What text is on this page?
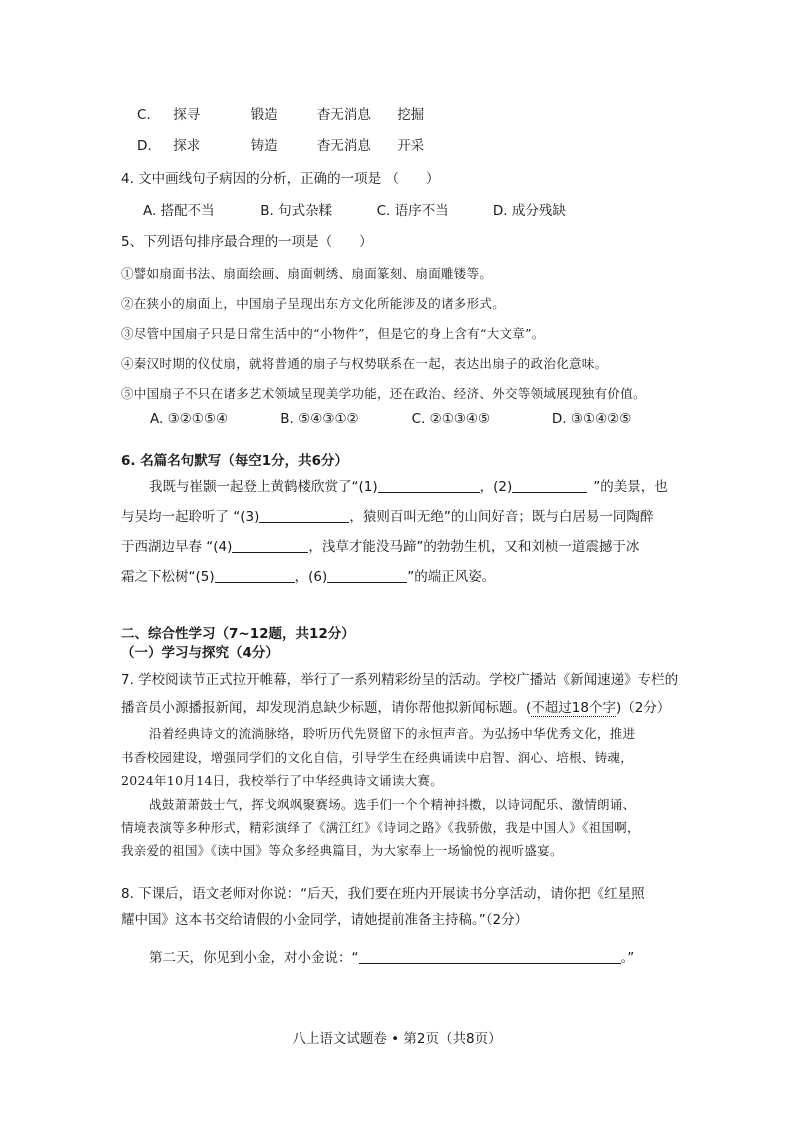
C. 探寻	锻造	杳无消息 挖掘
D. 探求	铸造	杳无消息 开采
4. 文中画线句子病因的分析，正确的一项是 （　　）
A. 搭配不当	B. 句式杂糅	C. 语序不当	D. 成分残缺
5、下列语句排序最合理的一项是（　　）
①譬如扇面书法、扇面绘画、扇面刺绣、扇面篆刻、扇面雕镂等。
②在狭小的扇面上，中国扇子呈现出东方文化所能涉及的诸多形式。
③尽管中国扇子只是日常生活中的“小物件”，但是它的身上含有“大文章”。
④秦汉时期的仪仗扇，就将普通的扇子与权势联系在一起，表达出扇子的政治化意味。
⑤中国扇子不只在诸多艺术领域呈现美学功能，还在政治、经济、外交等领域展现独有价值。
A. ③②①⑤④	B. ⑤④③①②	C. ②①③④⑤	D. ③①④②⑤
6. 名篇名句默写（每空1分，共6分）
我既与崔颢一起登上黄鹤楼欣赏了“(1)	，(2)	”的美景，也
与吴均一起聆听了 “(3)	，猿则百叫无绝”的山间好音；既与白居易一同陶醉
于西湖边早春 “(4)	，浅草才能没马蹄”的勃勃生机，又和刘桢一道震撼于冰
霜之下松树“(5)	，(6)	”的端正风姿。
二、综合性学习（7~12题，共12分）
（一）学习与探究（4分）
7. 学校阅读节正式拉开帷幕，举行了一系列精彩纷呈的活动。学校广播站《新闻速递》专栏的
播音员小源播报新闻，却发现消息缺少标题，请你帮他拟新闻标题。(不超过18个字)（2分）
沿着经典诗文的流淌脉络，聆听历代先贤留下的永恒声音。为弘扬中华优秀文化，推进
书香校园建设，增强同学们的文化自信，引导学生在经典诵读中启智、润心、培根、铸魂，
2024年10月14日，我校举行了中华经典诗文诵读大赛。
战鼓萧萧鼓士气，挥戈飒飒聚赛场。选手们一个个精神抖擞，以诗词配乐、激情朗诵、
情境表演等多种形式，精彩演绎了《满江红》《诗词之路》《我骄傲，我是中国人》《祖国啊，
我亲爱的祖国》《读中国》等众多经典篇目，为大家奉上一场愉悦的视听盛宴。
8. 下课后，语文老师对你说：“后天，我们要在班内开展读书分享活动，请你把《红星照
耀中国》这本书交给请假的小金同学，请她提前准备主持稿。”（2分）
第二天，你见到小金，对小金说：“	。”
八上语文试题卷 • 第2页（共8页）
